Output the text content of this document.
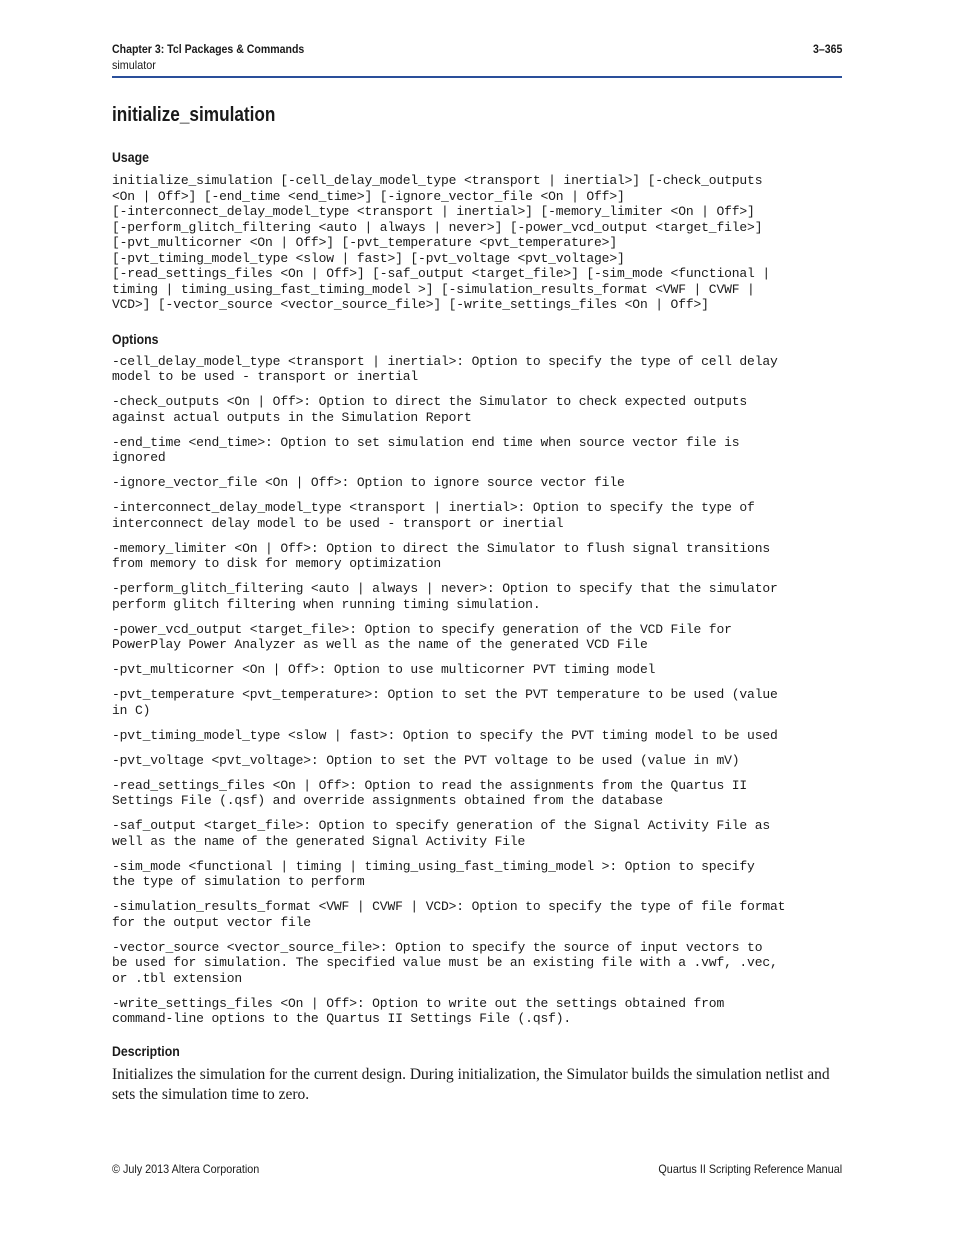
Chapter 3: Tcl Packages & Commands	3–365
simulator
initialize_simulation
Usage

initialize_simulation [-cell_delay_model_type <transport | inertial>] [-check_outputs
<On | Off>] [-end_time <end_time>] [-ignore_vector_file <On | Off>]
[-interconnect_delay_model_type <transport | inertial>] [-memory_limiter <On | Off>]
[-perform_glitch_filtering <auto | always | never>] [-power_vcd_output <target_file>]
[-pvt_multicorner <On | Off>] [-pvt_temperature <pvt_temperature>]
[-pvt_timing_model_type <slow | fast>] [-pvt_voltage <pvt_voltage>]
[-read_settings_files <On | Off>] [-saf_output <target_file>] [-sim_mode <functional |
timing | timing_using_fast_timing_model >] [-simulation_results_format <VWF | CVWF |
VCD>] [-vector_source <vector_source_file>] [-write_settings_files <On | Off>]

Options

-cell_delay_model_type <transport | inertial>: Option to specify the type of cell delay
model to be used - transport or inertial

-check_outputs <On | Off>: Option to direct the Simulator to check expected outputs
against actual outputs in the Simulation Report

-end_time <end_time>: Option to set simulation end time when source vector file is
ignored

-ignore_vector_file <On | Off>: Option to ignore source vector file

-interconnect_delay_model_type <transport | inertial>: Option to specify the type of
interconnect delay model to be used - transport or inertial

-memory_limiter <On | Off>: Option to direct the Simulator to flush signal transitions
from memory to disk for memory optimization

-perform_glitch_filtering <auto | always | never>: Option to specify that the simulator
perform glitch filtering when running timing simulation.

-power_vcd_output <target_file>: Option to specify generation of the VCD File for
PowerPlay Power Analyzer as well as the name of the generated VCD File

-pvt_multicorner <On | Off>: Option to use multicorner PVT timing model

-pvt_temperature <pvt_temperature>: Option to set the PVT temperature to be used (value
in C)

-pvt_timing_model_type <slow | fast>: Option to specify the PVT timing model to be used

-pvt_voltage <pvt_voltage>: Option to set the PVT voltage to be used (value in mV)

-read_settings_files <On | Off>: Option to read the assignments from the Quartus II
Settings File (.qsf) and override assignments obtained from the database

-saf_output <target_file>: Option to specify generation of the Signal Activity File as
well as the name of the generated Signal Activity File

-sim_mode <functional | timing | timing_using_fast_timing_model >: Option to specify
the type of simulation to perform

-simulation_results_format <VWF | CVWF | VCD>: Option to specify the type of file format
for the output vector file

-vector_source <vector_source_file>: Option to specify the source of input vectors to
be used for simulation. The specified value must be an existing file with a .vwf, .vec,
or .tbl extension

-write_settings_files <On | Off>: Option to write out the settings obtained from
command-line options to the Quartus II Settings File (.qsf).

Description

Initializes the simulation for the current design. During initialization, the Simulator builds the simulation netlist and sets the simulation time to zero.

© July 2013 Altera Corporation	Quartus II Scripting Reference Manual
